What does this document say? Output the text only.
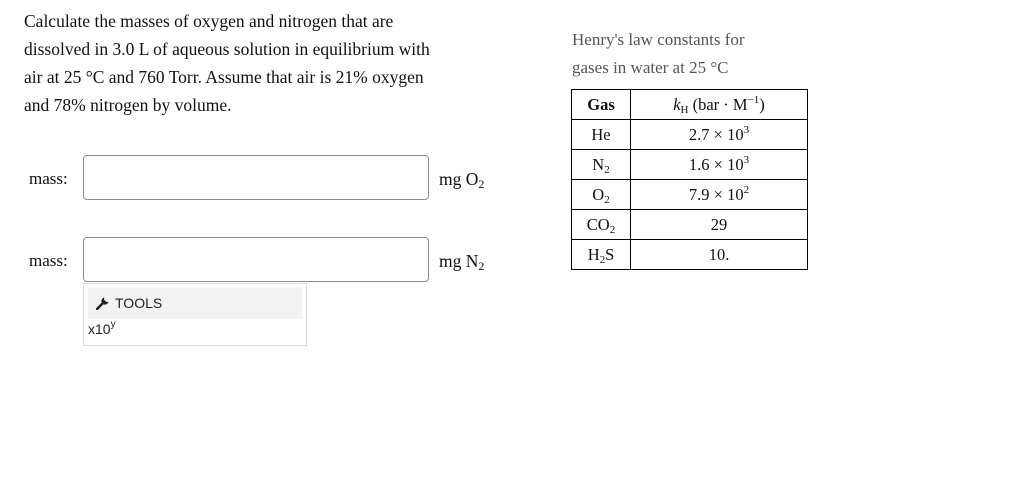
Calculate the masses of oxygen and nitrogen that are

dissolved in 3.0 L of aqueous solution in equilibrium with

air at 25 °C and 760 Torr. Assume that air is 21% oxygen

and 78% nitrogen by volume.

mass:	mg $O_2$
mass:	mg $N_2$
TOOLS
x10$^y$

Henry's law constants for

gases in water at 25 °C

Gas	$k_H$ $(bar \cdot M^{-1})$
He	$2.7 \times 10^3$
$N_2$	$1.6 \times 10^3$
$O_2$	$7.9 \times 10^2$
$CO_2$	29
$H_2S$	10.
